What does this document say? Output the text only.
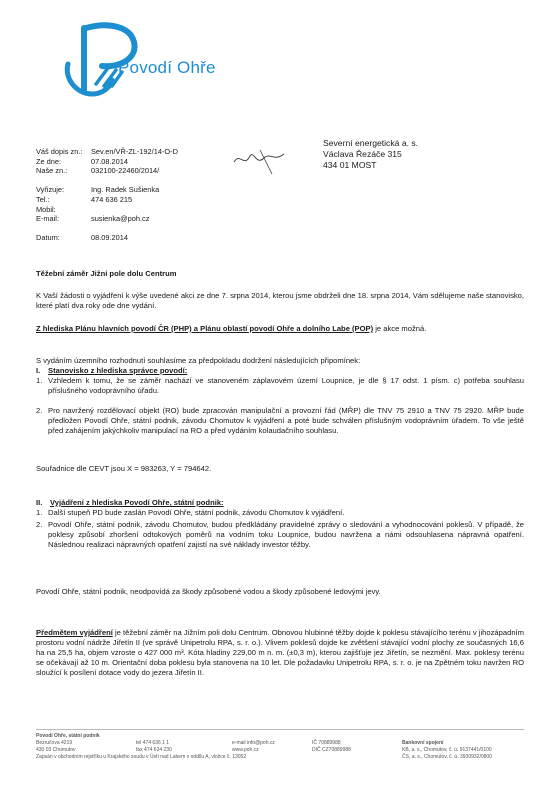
Povodí Ohře
Váš dopis zn.:	Sev.en/VŘ-ZL-192/14-O-D
Ze dne:	07.08.2014
Naše zn.:	032100-22460/2014/
Vyřizuje:	Ing. Radek Sušienka
Tel.:	474 636 215
Mobil:
E-mail:	susienka@poh.cz
Datum:	08.09.2014
Severní energetická a. s.
Václava Řezáče 315
434 01 MOST
Těžební záměr Jižní pole dolu Centrum
K Vaší žádosti o vyjádření k výše uvedené akci ze dne 7. srpna 2014, kterou jsme obdrželi dne 18. srpna 2014, Vám sdělujeme naše stanovisko, které platí dva roky ode dne vydání.
Z hlediska Plánu hlavních povodí ČR (PHP) a Plánu oblastí povodí Ohře a dolního Labe (POP) je akce možná.
S vydáním územního rozhodnutí souhlasíme za předpokladu dodržení následujících připomínek:
I. Stanovisko z hlediska správce povodí:
1. Vzhledem k tomu, že se záměr nachází ve stanoveném záplavovém území Loupnice, je dle § 17 odst. 1 písm. c) potřeba souhlasu příslušného vodoprávního úřadu.
2. Pro navržený rozdělovací objekt (RO) bude zpracován manipulační a provozní řád (MŘP) dle TNV 75 2910 a TNV 75 2920. MŘP bude předložen Povodí Ohře, státní podnik, závodu Chomutov k vyjádření a poté bude schválen příslušným vodoprávním úřadem. To vše ještě před zahájením jakýchkoliv manipulací na RO a před vydáním kolaudačního souhlasu.
Souřadnice dle CEVT jsou X = 983263, Y = 794642.
II. Vyjádření z hlediska Povodí Ohře, státní podnik:
1. Další stupeň PD bude zaslán Povodí Ohře, státní podnik, závodu Chomutov k vyjádření.
2. Povodí Ohře, státní podnik, závodu Chomutov, budou předkládány pravidelné zprávy o sledování a vyhodnocování poklesů. V případě, že poklesy způsobí zhoršení odtokových poměrů na vodním toku Loupnice, budou navržena a námi odsouhlasena nápravná opatření. Následnou realizaci nápravných opatření zajistí na své náklady investor těžby.
Povodí Ohře, státní podnik, neodpovídá za škody způsobené vodou a škody způsobené ledovými jevy.
Předmětem vyjádření je těžební záměr na Jižním poli dolu Centrum. Obnovou hlubinné těžby dojde k poklesu stávajícího terénu v jihozápadním prostoru vodní nádrže Jiřetín II (ve správě Unipetrolu RPA, s. r. o.). Vlivem poklesů dojde ke zvětšení stávající vodní plochy ze současných 16,6 ha na 25,5 ha, objem vzroste o 427 000 m³. Kóta hladiny 229,00 m n. m. (±0,3 m), kterou zajišťuje jez Jiřetín, se nezmění. Max. poklesy terénu se očekávají až 10 m. Orientační doba poklesu byla stanovena na 10 let. Dle požadavku Unipetrolu RPA, s. r. o. je na Zpětném toku navržen RO sloužící k posílení dotace vody do jezera Jiřetín II.
Povodí Ohře, státní podnik
Bezručova 4219
430 03 Chomutov
Zapsán v obchodním rejstříku u Krajského soudu v Ústí nad Labem v oddílu A, vložce č. 13052
tel 474 636 1 1
fax 474 624 230
e-mail info@poh.cz
www.poh.cz
IČ 70889988
DIČ CZ70889988
Bankovní spojení
KB, a. s., Chomutov, č. ú. 9137441/0100
ČS, a. s., Chomutov, č. ú. 3930932/0800
